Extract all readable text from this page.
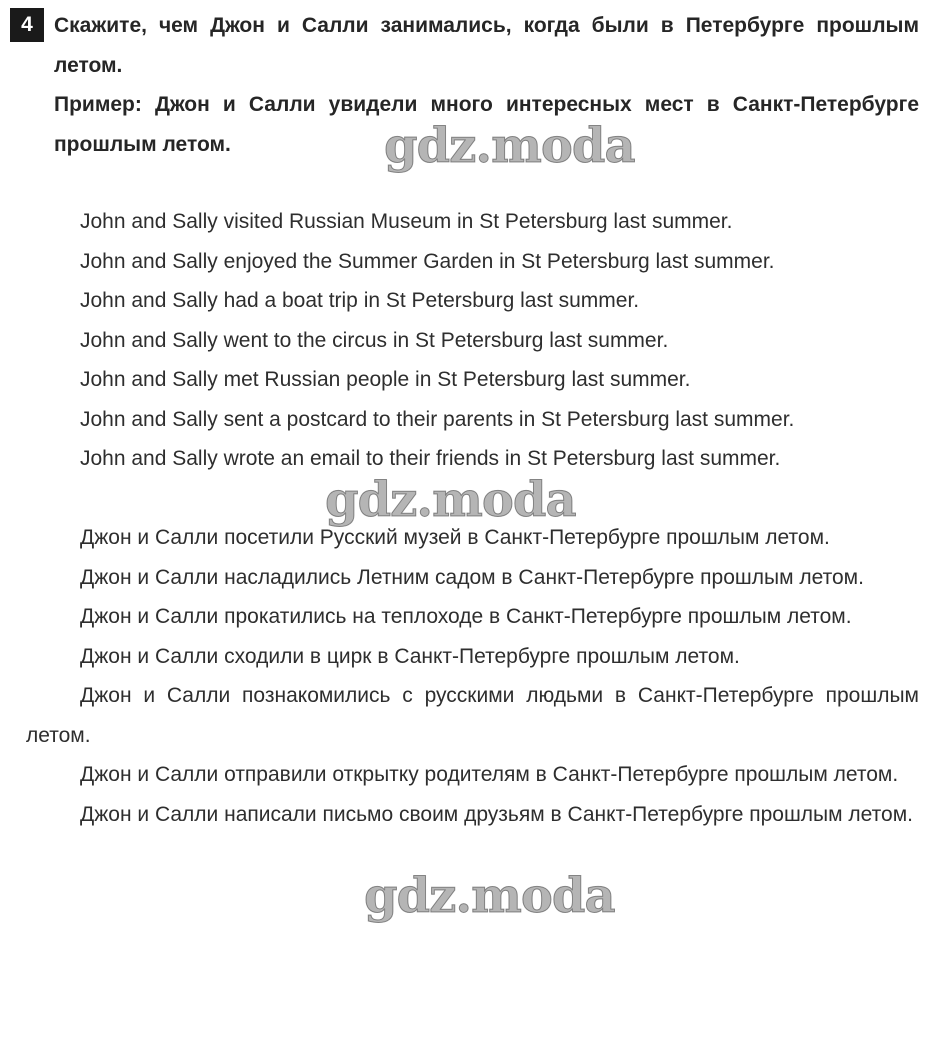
4	Скажите, чем Джон и Салли занимались, когда были в Петербурге прошлым летом.
Пример: Джон и Салли увидели много интересных мест в Санкт-Петербурге прошлым летом.
John and Sally visited Russian Museum in St Petersburg last summer.
John and Sally enjoyed the Summer Garden in St Petersburg last summer.
John and Sally had a boat trip in St Petersburg last summer.
John and Sally went to the circus in St Petersburg last summer.
John and Sally met Russian people in St Petersburg last summer.
John and Sally sent a postcard to their parents in St Petersburg last summer.
John and Sally wrote an email to their friends in St Petersburg last summer.

Джон и Салли посетили Русский музей в Санкт-Петербурге прошлым летом.

Джон и Салли насладились Летним садом в Санкт-Петербурге прошлым летом.

Джон и Салли прокатились на теплоходе в Санкт-Петербурге прошлым летом.

Джон и Салли сходили в цирк в Санкт-Петербурге прошлым летом.

Джон и Салли познакомились с русскими людьми в Санкт-Петербурге прошлым летом.

Джон и Салли отправили открытку родителям в Санкт-Петербурге прошлым летом.

Джон и Салли написали письмо своим друзьям в Санкт-Петербурге прошлым летом.

gdz.moda
gdz.moda
gdz.moda
